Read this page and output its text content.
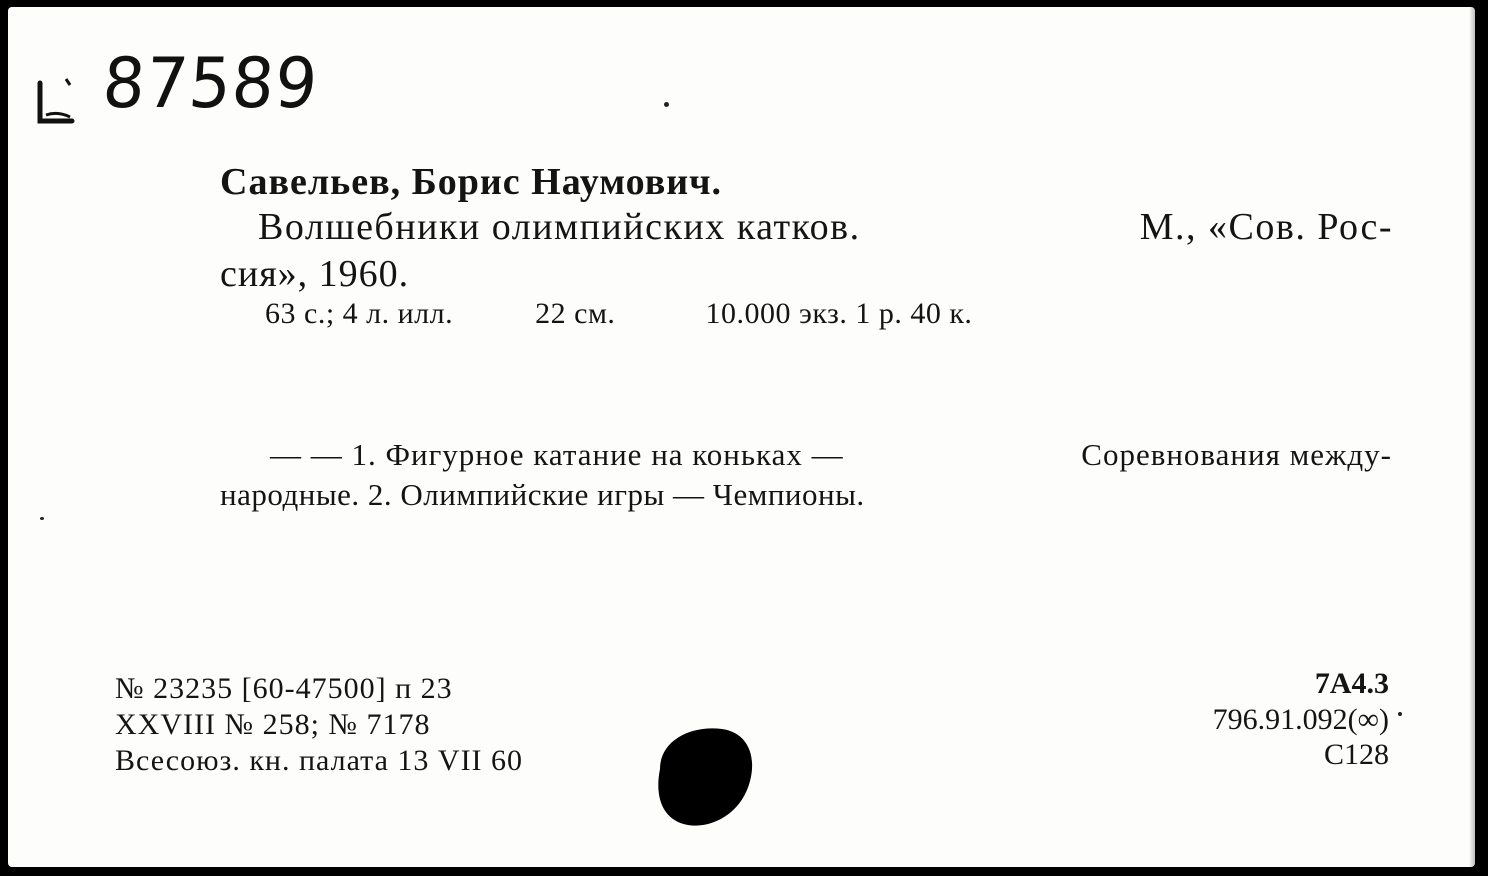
87589
Савельев, Борис Наумович.
Волшебники олимпийских катков.	М., «Сов. Рос-
сия», 1960.
63 с.; 4 л. илл.	22 см.	10.000 экз. 1 р. 40 к.
— — 1. Фигурное катание на коньках —	Соревнования между-
народные. 2. Олимпийские игры — Чемпионы.
№ 23235 [60-47500] п 23
XXVIII № 258; № 7178
Всесоюз. кн. палата 13 VII 60
7А4.3
796.91.092(∞)
С128
